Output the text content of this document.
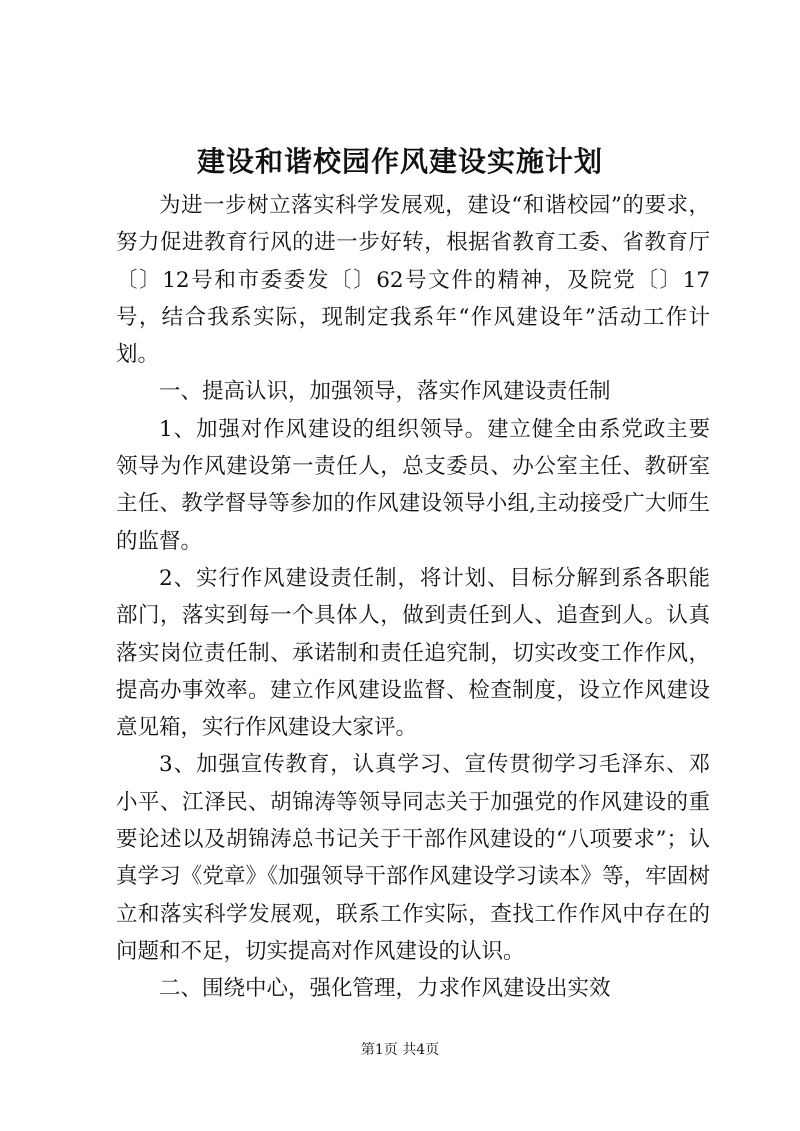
建设和谐校园作风建设实施计划

为进一步树立落实科学发展观，建设“和谐校园”的要求，努力促进教育行风的进一步好转，根据省教育工委、省教育厅〔〕12号和市委委发〔〕62号文件的精神，及院党〔〕17号，结合我系实际，现制定我系年“作风建设年”活动工作计划。

一、提高认识，加强领导，落实作风建设责任制

1、加强对作风建设的组织领导。建立健全由系党政主要领导为作风建设第一责任人，总支委员、办公室主任、教研室主任、教学督导等参加的作风建设领导小组,主动接受广大师生的监督。

2、实行作风建设责任制，将计划、目标分解到系各职能部门，落实到每一个具体人，做到责任到人、追查到人。认真落实岗位责任制、承诺制和责任追究制，切实改变工作作风，提高办事效率。建立作风建设监督、检查制度，设立作风建设意见箱，实行作风建设大家评。

3、加强宣传教育，认真学习、宣传贯彻学习毛泽东、邓小平、江泽民、胡锦涛等领导同志关于加强党的作风建设的重要论述以及胡锦涛总书记关于干部作风建设的“八项要求”；认真学习《党章》《加强领导干部作风建设学习读本》等，牢固树立和落实科学发展观，联系工作实际，查找工作作风中存在的问题和不足，切实提高对作风建设的认识。

二、围绕中心，强化管理，力求作风建设出实效

第1页 共4页
